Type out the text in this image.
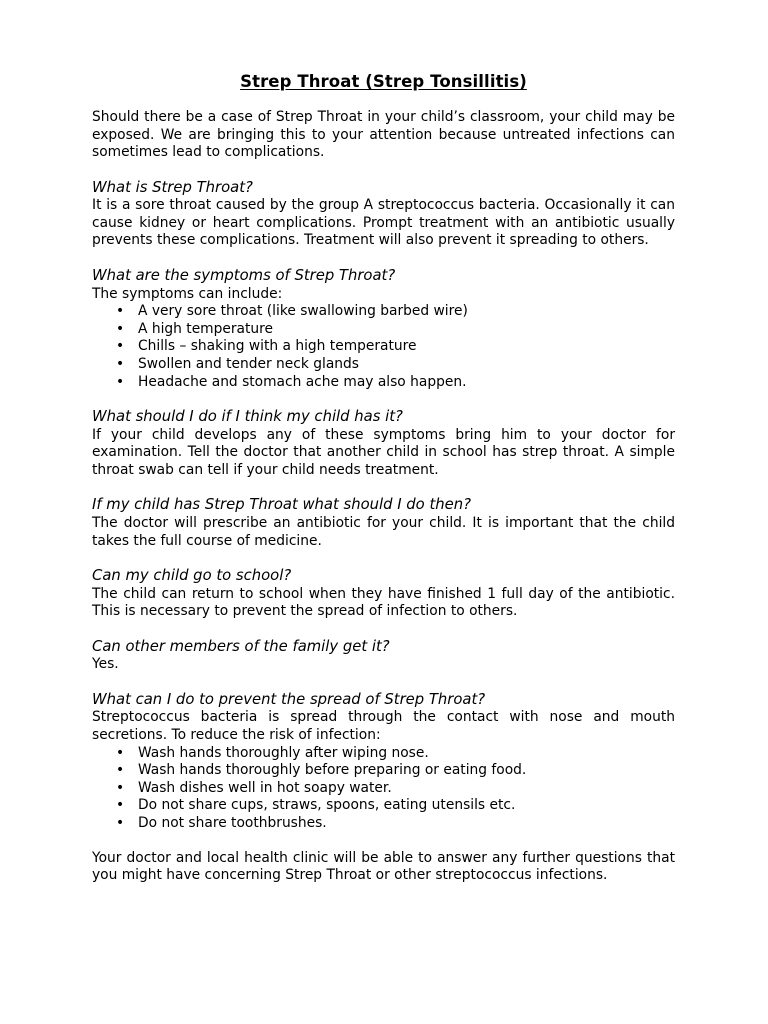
Strep Throat (Strep Tonsillitis)

Should there be a case of Strep Throat in your child’s classroom, your child may be exposed. We are bringing this to your attention because untreated infections can sometimes lead to complications.

What is Strep Throat?

It is a sore throat caused by the group A streptococcus bacteria. Occasionally it can cause kidney or heart complications. Prompt treatment with an antibiotic usually prevents these complications. Treatment will also prevent it spreading to others.

What are the symptoms of Strep Throat?

The symptoms can include:

• A very sore throat (like swallowing barbed wire)
• A high temperature
• Chills – shaking with a high temperature
• Swollen and tender neck glands
• Headache and stomach ache may also happen.
What should I do if I think my child has it?

If your child develops any of these symptoms bring him to your doctor for examination. Tell the doctor that another child in school has strep throat. A simple throat swab can tell if your child needs treatment.

If my child has Strep Throat what should I do then?

The doctor will prescribe an antibiotic for your child. It is important that the child takes the full course of medicine.

Can my child go to school?

The child can return to school when they have finished 1 full day of the antibiotic. This is necessary to prevent the spread of infection to others.

Can other members of the family get it?

Yes.

What can I do to prevent the spread of Strep Throat?

Streptococcus bacteria is spread through the contact with nose and mouth secretions. To reduce the risk of infection:

• Wash hands thoroughly after wiping nose.
• Wash hands thoroughly before preparing or eating food.
• Wash dishes well in hot soapy water.
• Do not share cups, straws, spoons, eating utensils etc.
• Do not share toothbrushes.

Your doctor and local health clinic will be able to answer any further questions that you might have concerning Strep Throat or other streptococcus infections.
